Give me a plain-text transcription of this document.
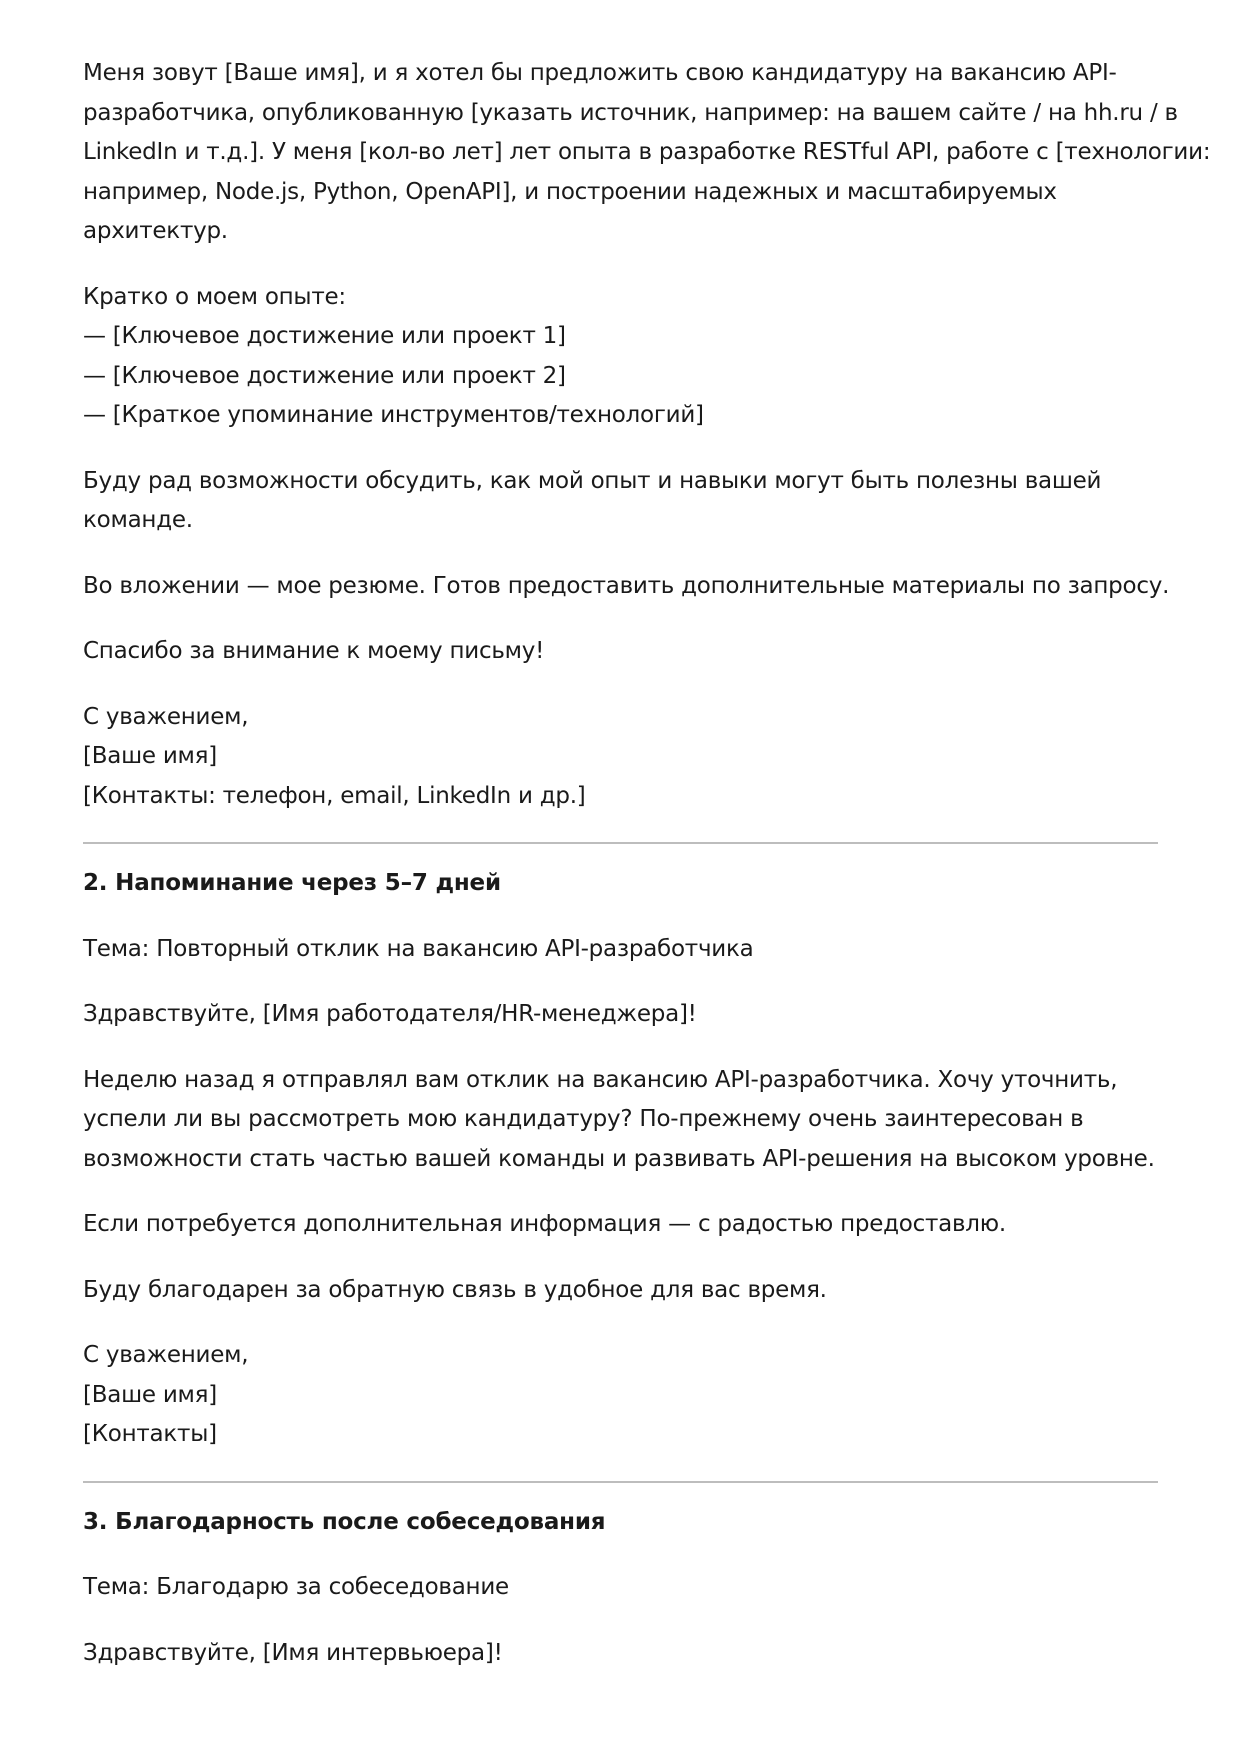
Меня зовут [Ваше имя], и я хотел бы предложить свою кандидатуру на вакансию API-
разработчика, опубликованную [указать источник, например: на вашем сайте / на hh.ru / в
LinkedIn и т.д.]. У меня [кол-во лет] лет опыта в разработке RESTful API, работе с [технологии:
например, Node.js, Python, OpenAPI], и построении надежных и масштабируемых
архитектур.
Кратко о моем опыте:
— [Ключевое достижение или проект 1]
— [Ключевое достижение или проект 2]
— [Краткое упоминание инструментов/технологий]
Буду рад возможности обсудить, как мой опыт и навыки могут быть полезны вашей
команде.
Во вложении — мое резюме. Готов предоставить дополнительные материалы по запросу.
Спасибо за внимание к моему письму!
С уважением,
[Ваше имя]
[Контакты: телефон, email, LinkedIn и др.]
2. Напоминание через 5–7 дней
Тема: Повторный отклик на вакансию API-разработчика
Здравствуйте, [Имя работодателя/HR-менеджера]!
Неделю назад я отправлял вам отклик на вакансию API-разработчика. Хочу уточнить,
успели ли вы рассмотреть мою кандидатуру? По-прежнему очень заинтересован в
возможности стать частью вашей команды и развивать API-решения на высоком уровне.
Если потребуется дополнительная информация — с радостью предоставлю.
Буду благодарен за обратную связь в удобное для вас время.
С уважением,
[Ваше имя]
[Контакты]
3. Благодарность после собеседования
Тема: Благодарю за собеседование
Здравствуйте, [Имя интервьюера]!
